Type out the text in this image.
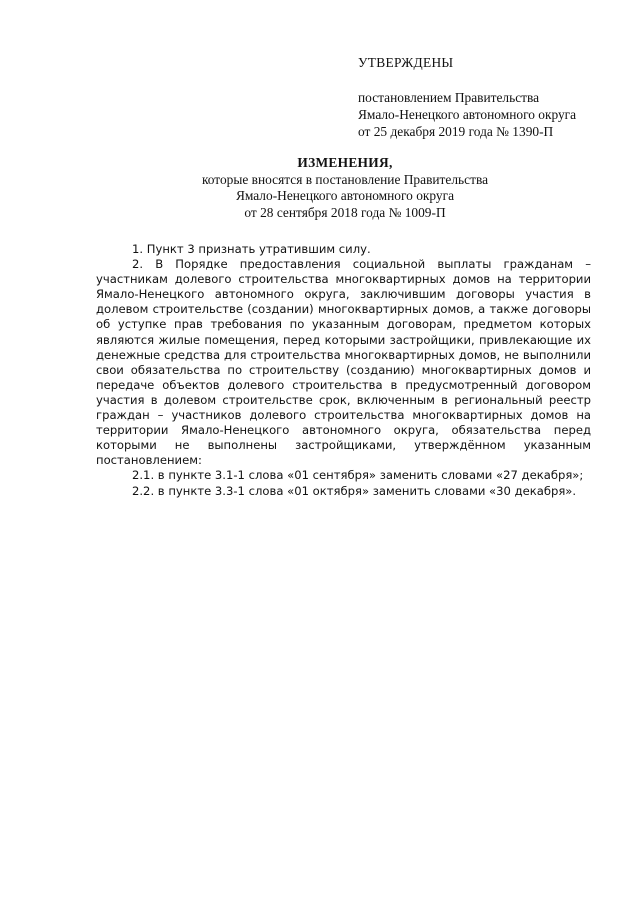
УТВЕРЖДЕНЫ
постановлением Правительства
Ямало-Ненецкого автономного округа
от 25 декабря 2019 года № 1390-П
ИЗМЕНЕНИЯ,
которые вносятся в постановление Правительства
Ямало-Ненецкого автономного округа
от 28 сентября 2018 года № 1009-П

1. Пункт 3 признать утратившим силу.

2. В Порядке предоставления социальной выплаты гражданам – участникам долевого строительства многоквартирных домов на территории Ямало-Ненецкого автономного округа, заключившим договоры участия в долевом строительстве (создании) многоквартирных домов, а также договоры об уступке прав требования по указанным договорам, предметом которых являются жилые помещения, перед которыми застройщики, привлекающие их денежные средства для строительства многоквартирных домов, не выполнили свои обязательства по строительству (созданию) многоквартирных домов и передаче объектов долевого строительства в предусмотренный договором участия в долевом строительстве срок, включенным в региональный реестр граждан – участников долевого строительства многоквартирных домов на территории Ямало-Ненецкого автономного округа, обязательства перед которыми не выполнены застройщиками, утверждённом указанным постановлением:

2.1. в пункте 3.1-1 слова «01 сентября» заменить словами «27 декабря»;

2.2. в пункте 3.3-1 слова «01 октября» заменить словами «30 декабря».
